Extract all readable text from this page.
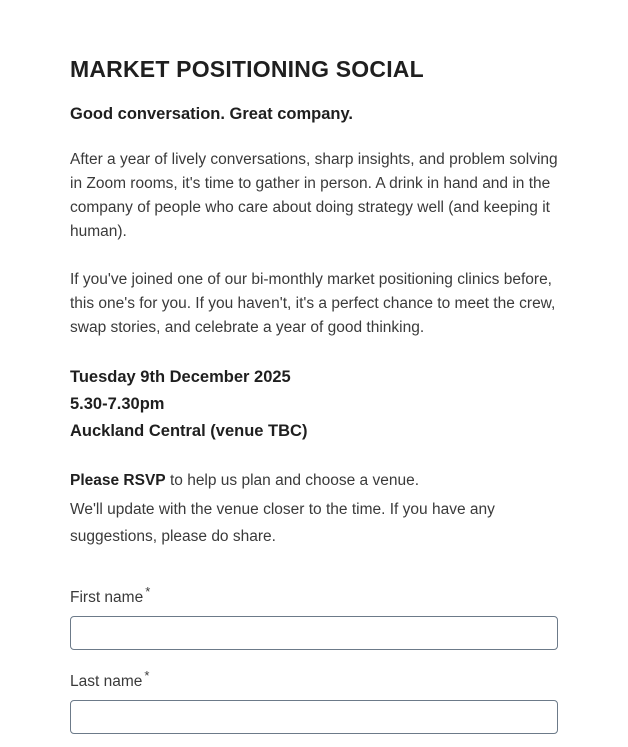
MARKET POSITIONING SOCIAL
Good conversation. Great company.

After a year of lively conversations, sharp insights, and problem solving in Zoom rooms, it's time to gather in person. A drink in hand and in the company of people who care about doing strategy well (and keeping it human).

If you've joined one of our bi-monthly market positioning clinics before, this one's for you. If you haven't, it's a perfect chance to meet the crew, swap stories, and celebrate a year of good thinking.

Tuesday 9th December 2025
5.30-7.30pm
Auckland Central (venue TBC)

Please RSVP to help us plan and choose a venue.

We'll update with the venue closer to the time. If you have any suggestions, please do share.

First name *
Last name *
